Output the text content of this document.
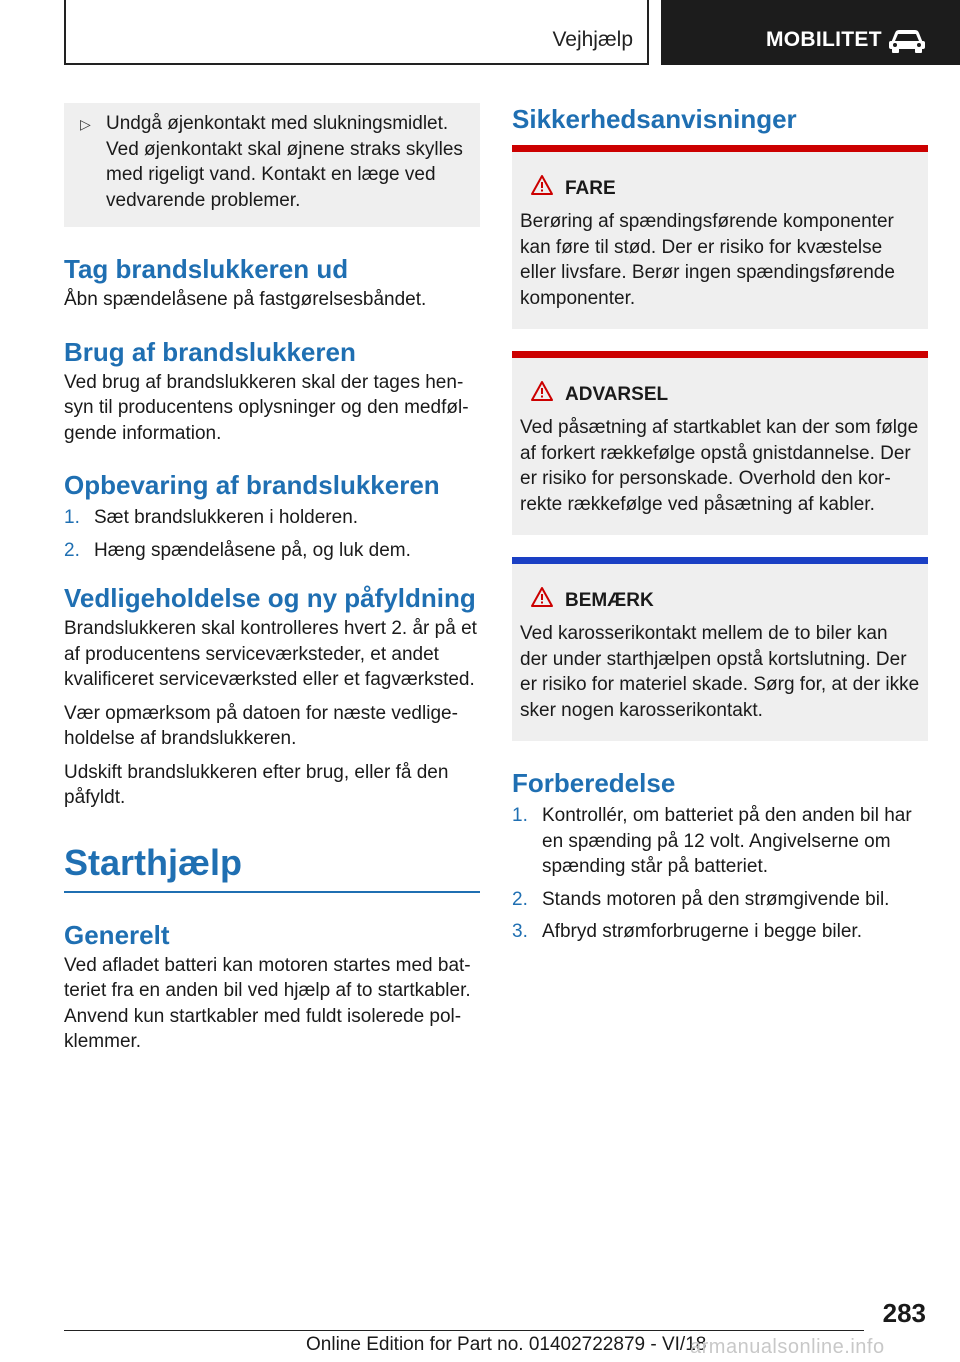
Vejhjælp	MOBILITET
▷ Undgå øjenkontakt med slukningsmidlet. Ved øjenkontakt skal øjnene straks skylles med rigeligt vand. Kontakt en læge ved vedvarende problemer.
Tag brandslukkeren ud

Åbn spændelåsene på fastgørelsesbåndet.

Brug af brandslukkeren

Ved brug af brandslukkeren skal der tages hensyn til producentens oplysninger og den medfølgende information.

Opbevaring af brandslukkeren
1. Sæt brandslukkeren i holderen.
2. Hæng spændelåsene på, og luk dem.
Vedligeholdelse og ny påfyldning

Brandslukkeren skal kontrolleres hvert 2. år på et af producentens serviceværksteder, et andet kvalificeret serviceværksted eller et fagværksted.

Vær opmærksom på datoen for næste vedligeholdelse af brandslukkeren.

Udskift brandslukkeren efter brug, eller få den påfyldt.

Starthjælp
Generelt

Ved afladet batteri kan motoren startes med batteriet fra en anden bil ved hjælp af to startkabler. Anvend kun startkabler med fuldt isolerede polklemmer.

Sikkerhedsanvisninger
FARE
Berøring af spændingsførende komponenter kan føre til stød. Der er risiko for kvæstelse eller livsfare. Berør ingen spændingsførende komponenter.
ADVARSEL
Ved påsætning af startkablet kan der som følge af forkert rækkefølge opstå gnistdannelse. Der er risiko for personskade. Overhold den korrekte rækkefølge ved påsætning af kabler.
BEMÆRK
Ved karosserikontakt mellem de to biler kan der under starthjælpen opstå kortslutning. Der er risiko for materiel skade. Sørg for, at der ikke sker nogen karosserikontakt.
Forberedelse
1. Kontrollér, om batteriet på den anden bil har en spænding på 12 volt. Angivelserne om spænding står på batteriet.
2. Stands motoren på den strømgivende bil.
3. Afbryd strømforbrugerne i begge biler.
283
Online Edition for Part no. 01402722879 - VI/18
armanualsonline.info
